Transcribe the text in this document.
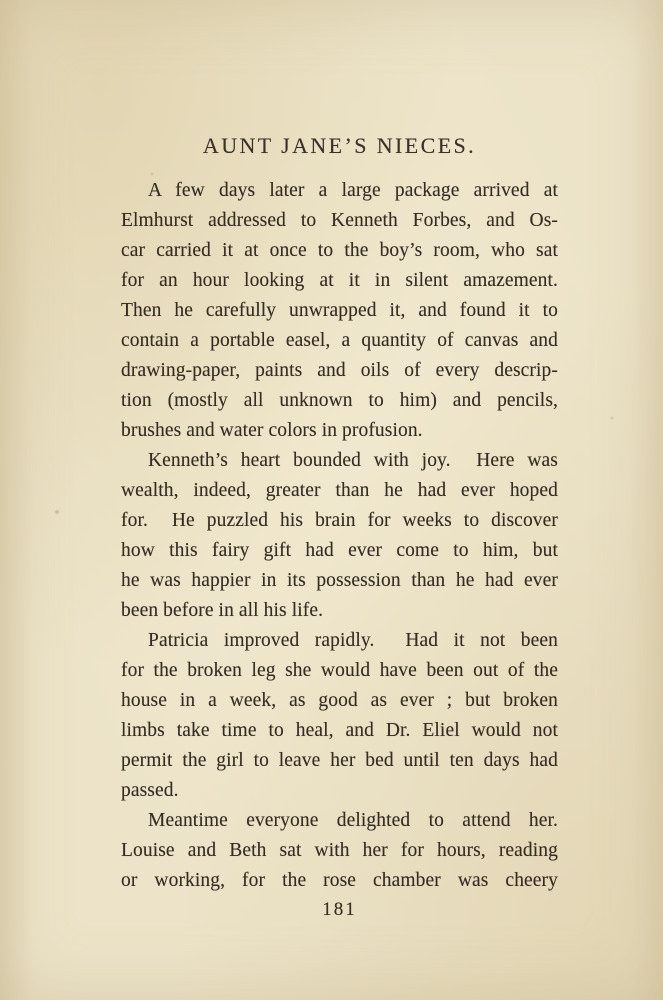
AUNT JANE’S NIECES.
A few days later a large package arrived at
Elmhurst addressed to Kenneth Forbes, and Os-
car carried it at once to the boy’s room, who sat
for an hour looking at it in silent amazement.
Then he carefully unwrapped it, and found it to
contain a portable easel, a quantity of canvas and
drawing-paper, paints and oils of every descrip-
tion (mostly all unknown to him) and pencils,
brushes and water colors in profusion.
Kenneth’s heart bounded with joy.  Here was
wealth, indeed, greater than he had ever hoped
for.  He puzzled his brain for weeks to discover
how this fairy gift had ever come to him, but
he was happier in its possession than he had ever
been before in all his life.
Patricia improved rapidly.  Had it not been
for the broken leg she would have been out of the
house in a week, as good as ever ; but broken
limbs take time to heal, and Dr. Eliel would not
permit the girl to leave her bed until ten days had
passed.
Meantime everyone delighted to attend her.
Louise and Beth sat with her for hours, reading
or working, for the rose chamber was cheery
181
